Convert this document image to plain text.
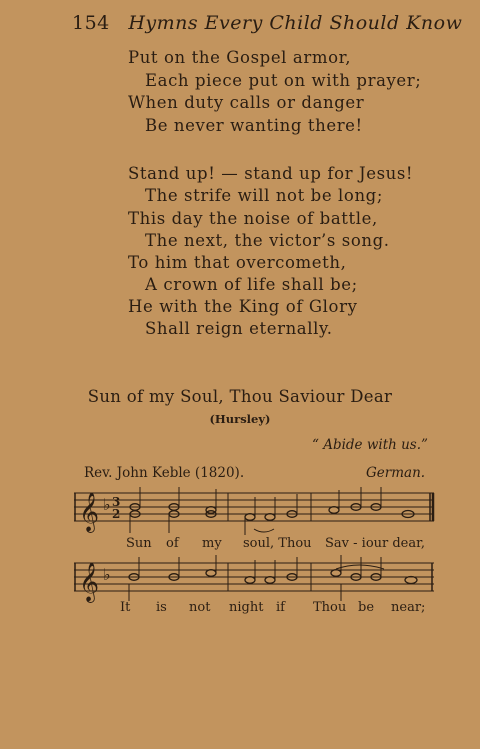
154 Hymns Every Child Should Know
Put on the Gospel armor,
Each piece put on with prayer;
When duty calls or danger
Be never wanting there!
Stand up! — stand up for Jesus!
The strife will not be long;
This day the noise of battle,
The next, the victor’s song.
To him that overcometh,
A crown of life shall be;
He with the King of Glory
Shall reign eternally.
Sun of my Soul, Thou Saviour Dear
(Hursley)
“ Abide with us.”
Rev. John Keble (1820).	German.
𝄞 ♭ 3
2
Sun of my soul, Thou Sav - iour dear,
𝄞 ♭
It is not night if Thou be near;
